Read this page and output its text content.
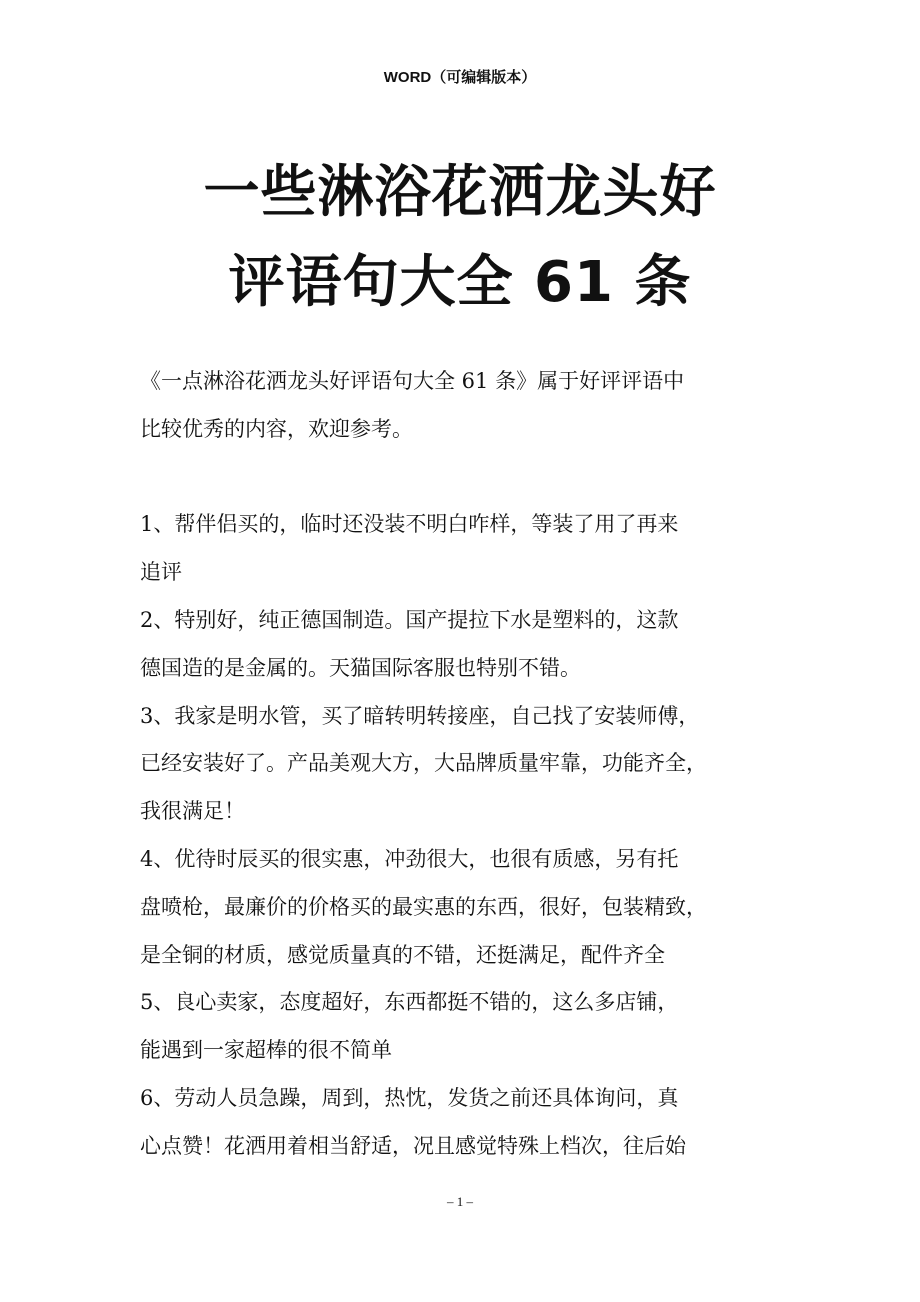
WORD（可编辑版本）
一些淋浴花洒龙头好
评语句大全 61 条

《一点淋浴花洒龙头好评语句大全 61 条》属于好评评语中
比较优秀的内容，欢迎参考。

1、帮伴侣买的，临时还没装不明白咋样，等装了用了再来
追评

2、特别好，纯正德国制造。国产提拉下水是塑料的，这款
德国造的是金属的。天猫国际客服也特别不错。

3、我家是明水管，买了暗转明转接座，自己找了安装师傅，
已经安装好了。产品美观大方，大品牌质量牢靠，功能齐全，
我很满足！

4、优待时辰买的很实惠，冲劲很大，也很有质感，另有托
盘喷枪，最廉价的价格买的最实惠的东西，很好，包装精致，
是全铜的材质，感觉质量真的不错，还挺满足，配件齐全

5、良心卖家，态度超好，东西都挺不错的，这么多店铺，
能遇到一家超棒的很不简单

6、劳动人员急躁，周到，热忱，发货之前还具体询问，真
心点赞！花洒用着相当舒适，况且感觉特殊上档次，往后始

– 1 –
